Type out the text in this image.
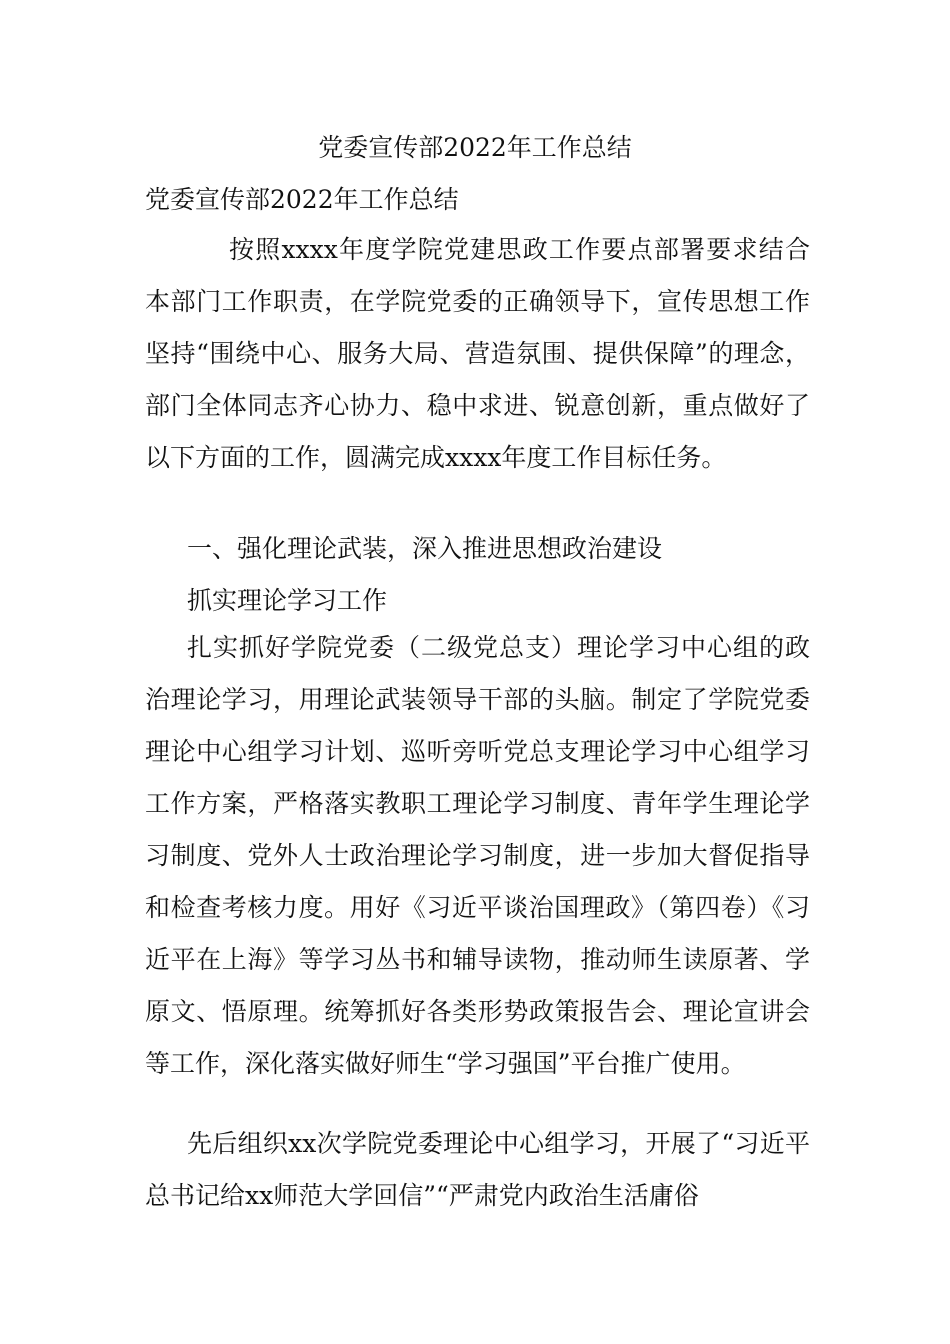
党委宣传部2022年工作总结
党委宣传部2022年工作总结

按照xxxx年度学院党建思政工作要点部署要求结合本部门工作职责，在学院党委的正确领导下，宣传思想工作坚持“围绕中心、服务大局、营造氛围、提供保障”的理念，部门全体同志齐心协力、稳中求进、锐意创新，重点做好了以下方面的工作，圆满完成xxxx年度工作目标任务。

一、强化理论武装，深入推进思想政治建设
抓实理论学习工作

扎实抓好学院党委（二级党总支）理论学习中心组的政治理论学习，用理论武装领导干部的头脑。制定了学院党委理论中心组学习计划、巡听旁听党总支理论学习中心组学习工作方案，严格落实教职工理论学习制度、青年学生理论学习制度、党外人士政治理论学习制度，进一步加大督促指导和检查考核力度。用好《习近平谈治国理政》（第四卷）《习近平在上海》等学习丛书和辅导读物，推动师生读原著、学原文、悟原理。统筹抓好各类形势政策报告会、理论宣讲会等工作，深化落实做好师生“学习强国”平台推广使用。

先后组织xx次学院党委理论中心组学习，开展了“习近平总书记给xx师范大学回信”“严肃党内政治生活庸俗
